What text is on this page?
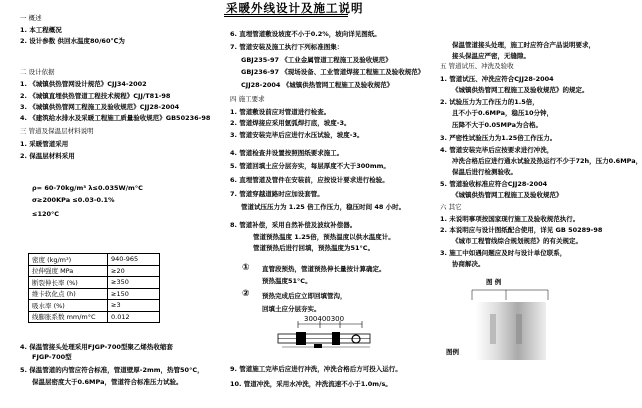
采暖外线设计及施工说明
一 概述
1. 本工程概况
2. 设计参数 供回水温度80/60℃为
二 设计依据
1. 《城镇供热管网设计规范》CJJ34-2002
2. 《城镇直埋供热管道工程技术规程》CJJ/T81-98
3. 《城镇供热管网工程施工及验收规范》CJJ28-2004
4. 《建筑给水排水及采暖工程施工质量验收规范》GB50236-98
三 管道及保温层材料说明
1. 采暖管道采用
2. 保温层材料采用
ρ= 60-70kg/m³ λ≤0.035W/m°C
σ≥200KPa ≤0.03-0.1%
≤120°C
密度 (kg/m³)	940-965
拉伸强度 MPa	≥20
断裂伸长率 (%)	≥350
维卡软化点 (h)	≥150
吸水率 (%)	≥3
线膨胀系数 mm/m°C	0.012
4. 保温管接头处理采用FJGP-700型聚乙烯热收缩套
FJGP-700型
5. 保温管道的内管应符合标准，管道壁厚-2mm，热管50°C，
保温层密度大于0.6MPa，管道符合标准压力试验。
6. 直埋管道敷设坡度不小于0.2%，坡向详见图纸。
7. 管道安装及施工执行下列标准图集：
GBJ235-97 《工业金属管道工程施工及验收规范》
GBJ236-97 《现场设备、工业管道焊接工程施工及验收规范》
CJJ28-2004 《城镇供热管网工程施工及验收规范》
四 施工要求
1. 管道敷设前应对管道进行检查。
2. 管道焊接应采用氩弧焊打底，坡度-3。
3. 管道安装完毕后应进行水压试验，坡度-3。
4. 管道检查井设置按照图纸要求施工。
5. 管道回填土应分层夯实，每层厚度不大于300mm。
6. 直埋管道及管件在安装前，应按设计要求进行检验。
7. 管道穿越道路时应加设套管。
管道试压压力为 1.25 倍工作压力，稳压时间 48 小时。
8. 管道补偿，采用自然补偿及波纹补偿器。
管道预热温度 1.25倍，预热温度以供水温度计。
管道预热后进行回填，预热温度为51°C。
① 直管段预热，管道预热伸长量按计算确定。
预热温度51°C。
② 预热完成后应立即回填管沟，
回填土应分层夯实。
300400300
9. 管道施工完毕后应进行冲洗，冲洗合格后方可投入运行。
10. 管道冲洗，采用水冲洗，冲洗流速不小于1.0m/s。
保温管道接头处理，施工时应符合产品说明要求，
接头保温应严密，无缝隙。
五 管道试压、冲洗及验收
1. 管道试压、冲洗应符合CJJ28-2004
《城镇供热管网工程施工及验收规范》的规定。
2. 试验压力为工作压力的1.5倍，
且不小于0.6MPa，稳压10分钟，
压降不大于0.05MPa为合格。
3. 严密性试验压力为1.25倍工作压力。
4. 管道安装完毕后应按要求进行冲洗，
冲洗合格后应进行通水试验及热运行不少于72h，压力0.6MPa，
保温后进行检测验收。
5. 管道验收标准应符合CJJ28-2004
《城镇供热管网工程施工及验收规范》
六 其它
1. 未说明事项按国家现行施工及验收规范执行。
2. 本说明应与设计图纸配合使用，详见 GB 50289-98
《城市工程管线综合规划规范》的有关规定。
3. 施工中如遇问题应及时与设计单位联系，
协商解决。
图 例
图例
